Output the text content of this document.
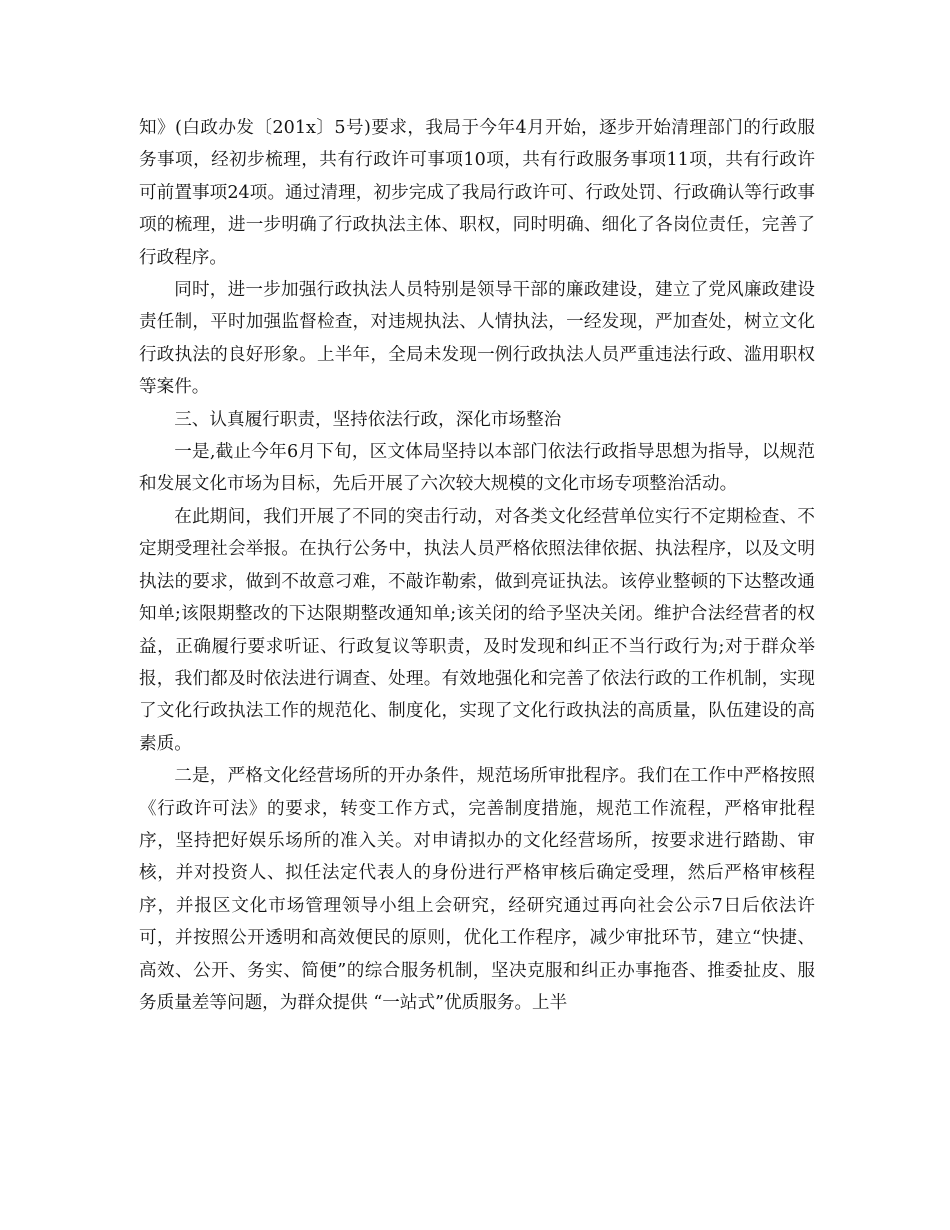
知》(白政办发〔201x〕5号)要求，我局于今年4月开始，逐步开始清理部门的行政服务事项，经初步梳理，共有行政许可事项10项，共有行政服务事项11项，共有行政许可前置事项24项。通过清理，初步完成了我局行政许可、行政处罚、行政确认等行政事项的梳理，进一步明确了行政执法主体、职权，同时明确、细化了各岗位责任，完善了行政程序。

同时，进一步加强行政执法人员特别是领导干部的廉政建设，建立了党风廉政建设责任制，平时加强监督检查，对违规执法、人情执法，一经发现，严加查处，树立文化行政执法的良好形象。上半年，全局未发现一例行政执法人员严重违法行政、滥用职权等案件。

三、认真履行职责，坚持依法行政，深化市场整治

一是,截止今年6月下旬，区文体局坚持以本部门依法行政指导思想为指导，以规范和发展文化市场为目标，先后开展了六次较大规模的文化市场专项整治活动。

在此期间，我们开展了不同的突击行动，对各类文化经营单位实行不定期检查、不定期受理社会举报。在执行公务中，执法人员严格依照法律依据、执法程序，以及文明执法的要求，做到不故意刁难，不敲诈勒索，做到亮证执法。该停业整顿的下达整改通知单;该限期整改的下达限期整改通知单;该关闭的给予坚决关闭。维护合法经营者的权益，正确履行要求听证、行政复议等职责，及时发现和纠正不当行政行为;对于群众举报，我们都及时依法进行调查、处理。有效地强化和完善了依法行政的工作机制，实现了文化行政执法工作的规范化、制度化，实现了文化行政执法的高质量，队伍建设的高素质。

二是，严格文化经营场所的开办条件，规范场所审批程序。我们在工作中严格按照《行政许可法》的要求，转变工作方式，完善制度措施，规范工作流程，严格审批程序，坚持把好娱乐场所的准入关。对申请拟办的文化经营场所，按要求进行踏勘、审核，并对投资人、拟任法定代表人的身份进行严格审核后确定受理，然后严格审核程序，并报区文化市场管理领导小组上会研究，经研究通过再向社会公示7日后依法许可，并按照公开透明和高效便民的原则，优化工作程序，减少审批环节，建立“快捷、高效、公开、务实、简便”的综合服务机制，坚决克服和纠正办事拖沓、推委扯皮、服务质量差等问题，为群众提供 “一站式”优质服务。上半
